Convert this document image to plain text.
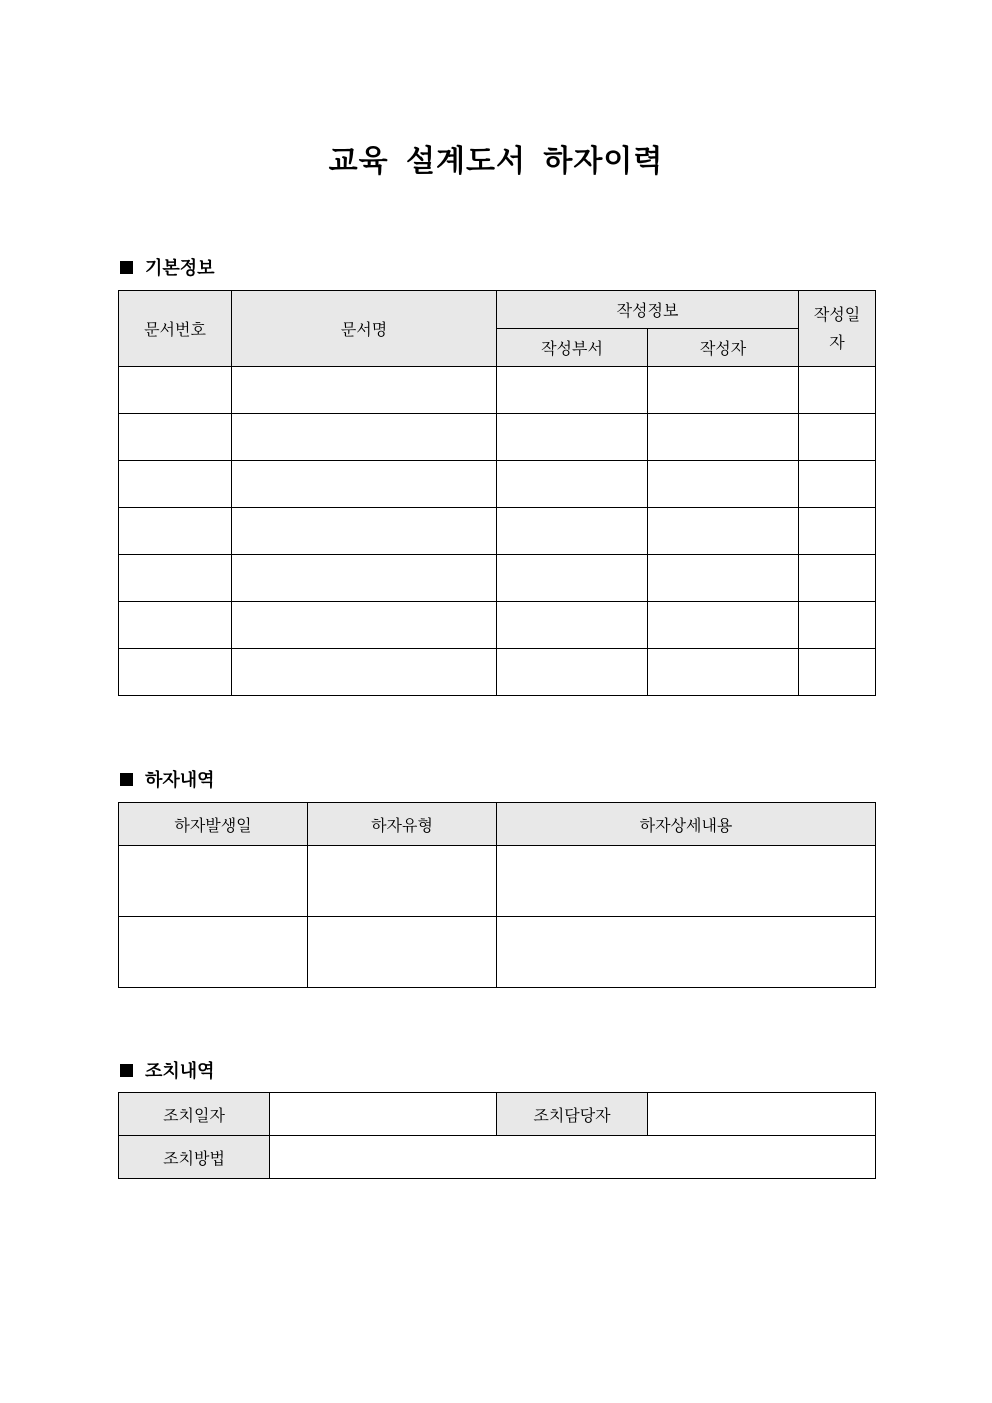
교육 설계도서 하자이력
기본정보
문서번호	문서명	작성정보		작성일자
		작성부서	작성자	

하자내역
하자발생일	하자유형	하자상세내용

조치내역
조치일자		조치담당자	
조치방법			
